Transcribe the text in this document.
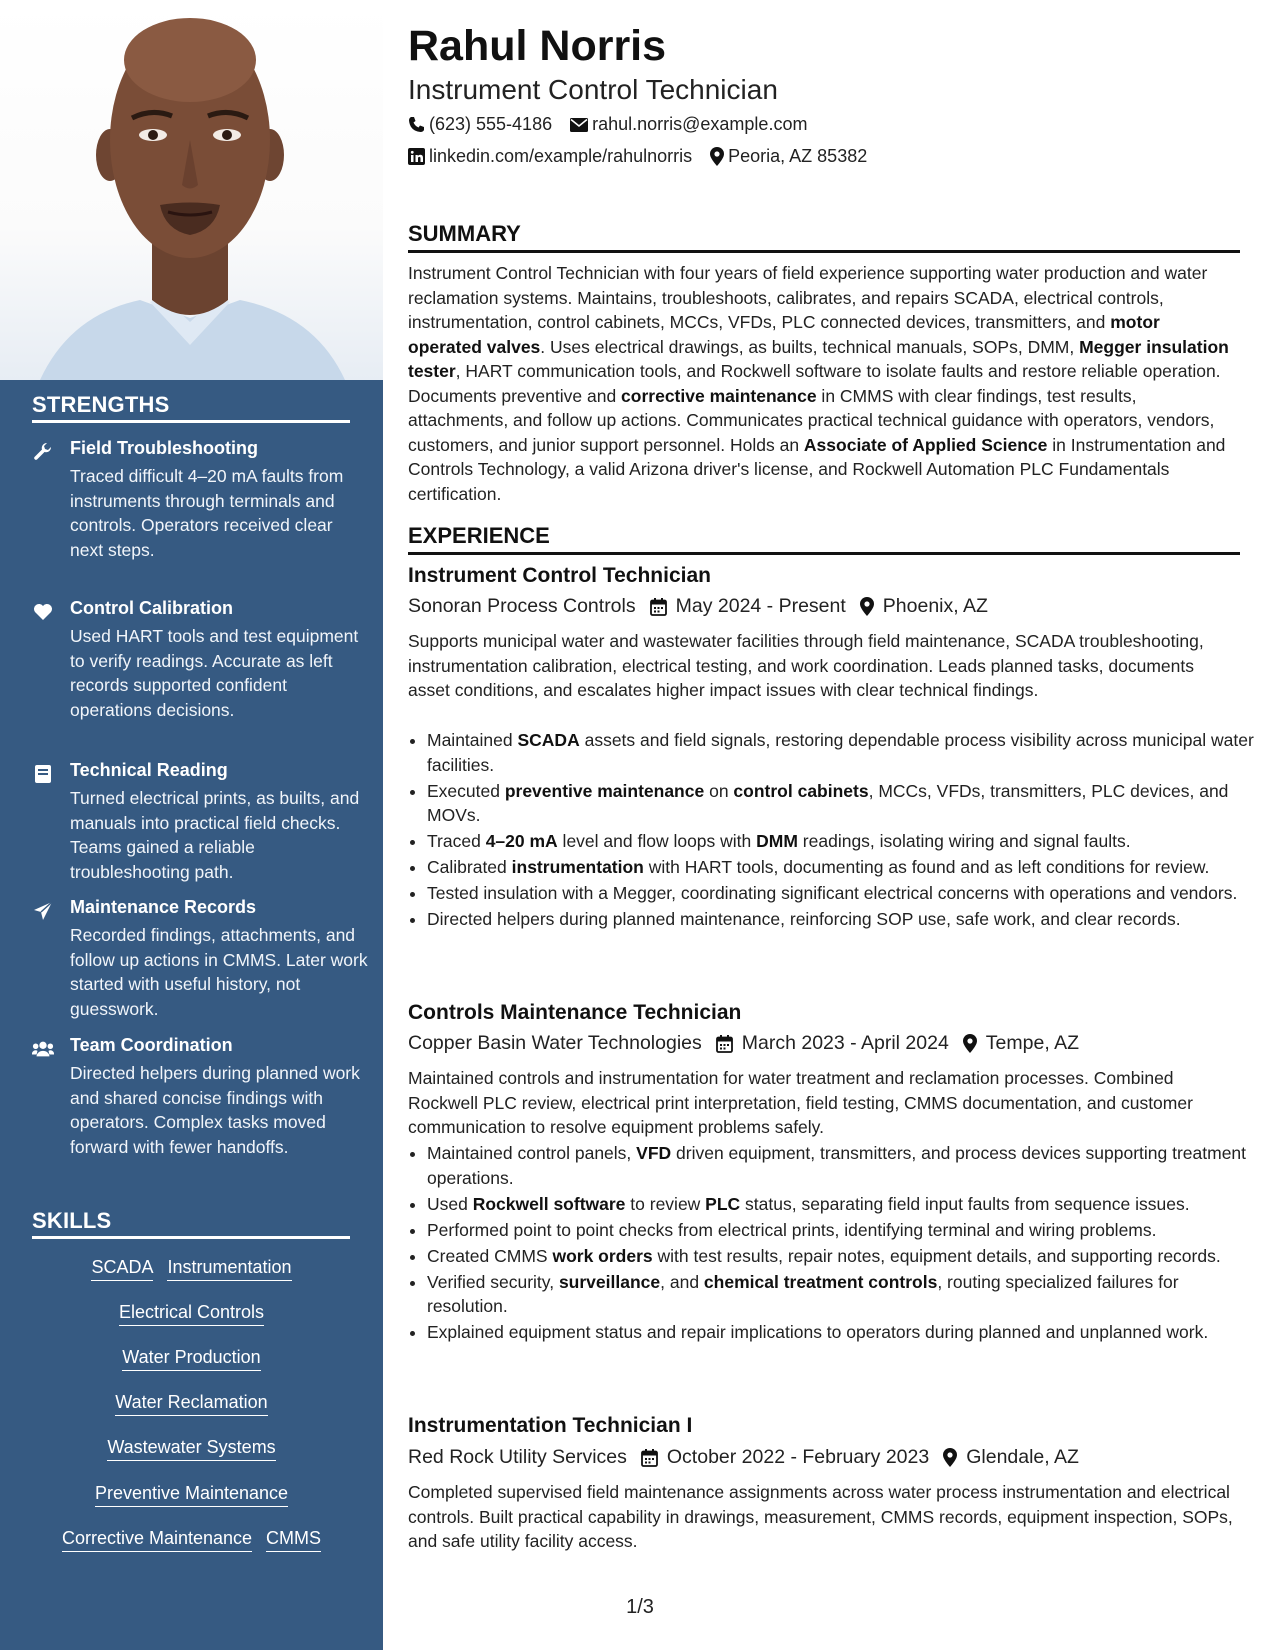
STRENGTHS
Field Troubleshooting
Traced difficult 4–20 mA faults from instruments through terminals and controls. Operators received clear next steps.
Control Calibration
Used HART tools and test equipment to verify readings. Accurate as left records supported confident operations decisions.
Technical Reading
Turned electrical prints, as builts, and manuals into practical field checks. Teams gained a reliable troubleshooting path.
Maintenance Records
Recorded findings, attachments, and follow up actions in CMMS. Later work started with useful history, not guesswork.
Team Coordination
Directed helpers during planned work and shared concise findings with operators. Complex tasks moved forward with fewer handoffs.
SKILLS
SCADA Instrumentation
Electrical Controls
Water Production
Water Reclamation
Wastewater Systems
Preventive Maintenance
Corrective Maintenance CMMS
Rahul Norris
Instrument Control Technician
(623) 555-4186 rahul.norris@example.com
linkedin.com/example/rahulnorris Peoria, AZ 85382
SUMMARY
Instrument Control Technician with four years of field experience supporting water production and water reclamation systems. Maintains, troubleshoots, calibrates, and repairs SCADA, electrical controls, instrumentation, control cabinets, MCCs, VFDs, PLC connected devices, transmitters, and motor operated valves. Uses electrical drawings, as builts, technical manuals, SOPs, DMM, Megger insulation tester, HART communication tools, and Rockwell software to isolate faults and restore reliable operation. Documents preventive and corrective maintenance in CMMS with clear findings, test results, attachments, and follow up actions. Communicates practical technical guidance with operators, vendors, customers, and junior support personnel. Holds an Associate of Applied Science in Instrumentation and Controls Technology, a valid Arizona driver's license, and Rockwell Automation PLC Fundamentals certification.
EXPERIENCE
Instrument Control Technician
Sonoran Process Controls May 2024 - Present Phoenix, AZ
Supports municipal water and wastewater facilities through field maintenance, SCADA troubleshooting, instrumentation calibration, electrical testing, and work coordination. Leads planned tasks, documents asset conditions, and escalates higher impact issues with clear technical findings.
• Maintained SCADA assets and field signals, restoring dependable process visibility across municipal water facilities.
• Executed preventive maintenance on control cabinets, MCCs, VFDs, transmitters, PLC devices, and MOVs.
• Traced 4–20 mA level and flow loops with DMM readings, isolating wiring and signal faults.
• Calibrated instrumentation with HART tools, documenting as found and as left conditions for review.
• Tested insulation with a Megger, coordinating significant electrical concerns with operations and vendors.
• Directed helpers during planned maintenance, reinforcing SOP use, safe work, and clear records.
Controls Maintenance Technician
Copper Basin Water Technologies March 2023 - April 2024 Tempe, AZ
Maintained controls and instrumentation for water treatment and reclamation processes. Combined Rockwell PLC review, electrical print interpretation, field testing, CMMS documentation, and customer communication to resolve equipment problems safely.
• Maintained control panels, VFD driven equipment, transmitters, and process devices supporting treatment operations.
• Used Rockwell software to review PLC status, separating field input faults from sequence issues.
• Performed point to point checks from electrical prints, identifying terminal and wiring problems.
• Created CMMS work orders with test results, repair notes, equipment details, and supporting records.
• Verified security, surveillance, and chemical treatment controls, routing specialized failures for resolution.
• Explained equipment status and repair implications to operators during planned and unplanned work.
Instrumentation Technician I
Red Rock Utility Services October 2022 - February 2023 Glendale, AZ
Completed supervised field maintenance assignments across water process instrumentation and electrical controls. Built practical capability in drawings, measurement, CMMS records, equipment inspection, SOPs, and safe utility facility access.
1/3
